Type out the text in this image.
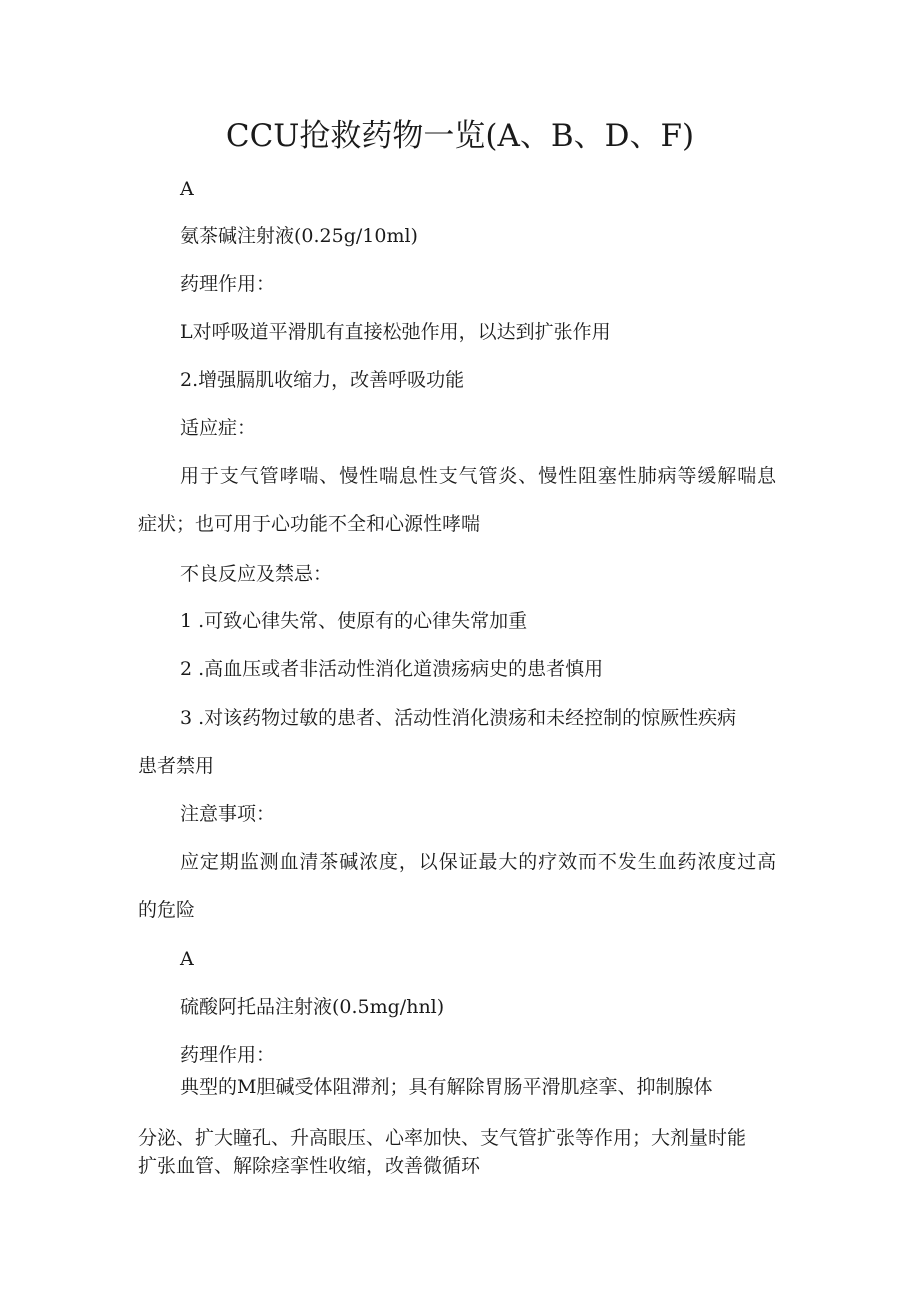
CCU抢救药物一览(A、B、D、F)
A
氨茶碱注射液(0.25g/10ml)
药理作用：
L对呼吸道平滑肌有直接松弛作用，以达到扩张作用
2.增强膈肌收缩力，改善呼吸功能
适应症：
用于支气管哮喘、慢性喘息性支气管炎、慢性阻塞性肺病等缓解喘息
症状；也可用于心功能不全和心源性哮喘
不良反应及禁忌：
1 .可致心律失常、使原有的心律失常加重
2 .高血压或者非活动性消化道溃疡病史的患者慎用
3 .对该药物过敏的患者、活动性消化溃疡和未经控制的惊厥性疾病
患者禁用
注意事项：
应定期监测血清茶碱浓度，以保证最大的疗效而不发生血药浓度过高
的危险
A
硫酸阿托品注射液(0.5mg/hnl)
药理作用：
典型的M胆碱受体阻滞剂；具有解除胃肠平滑肌痉挛、抑制腺体
分泌、扩大瞳孔、升高眼压、心率加快、支气管扩张等作用；大剂量时能
扩张血管、解除痉挛性收缩，改善微循环
